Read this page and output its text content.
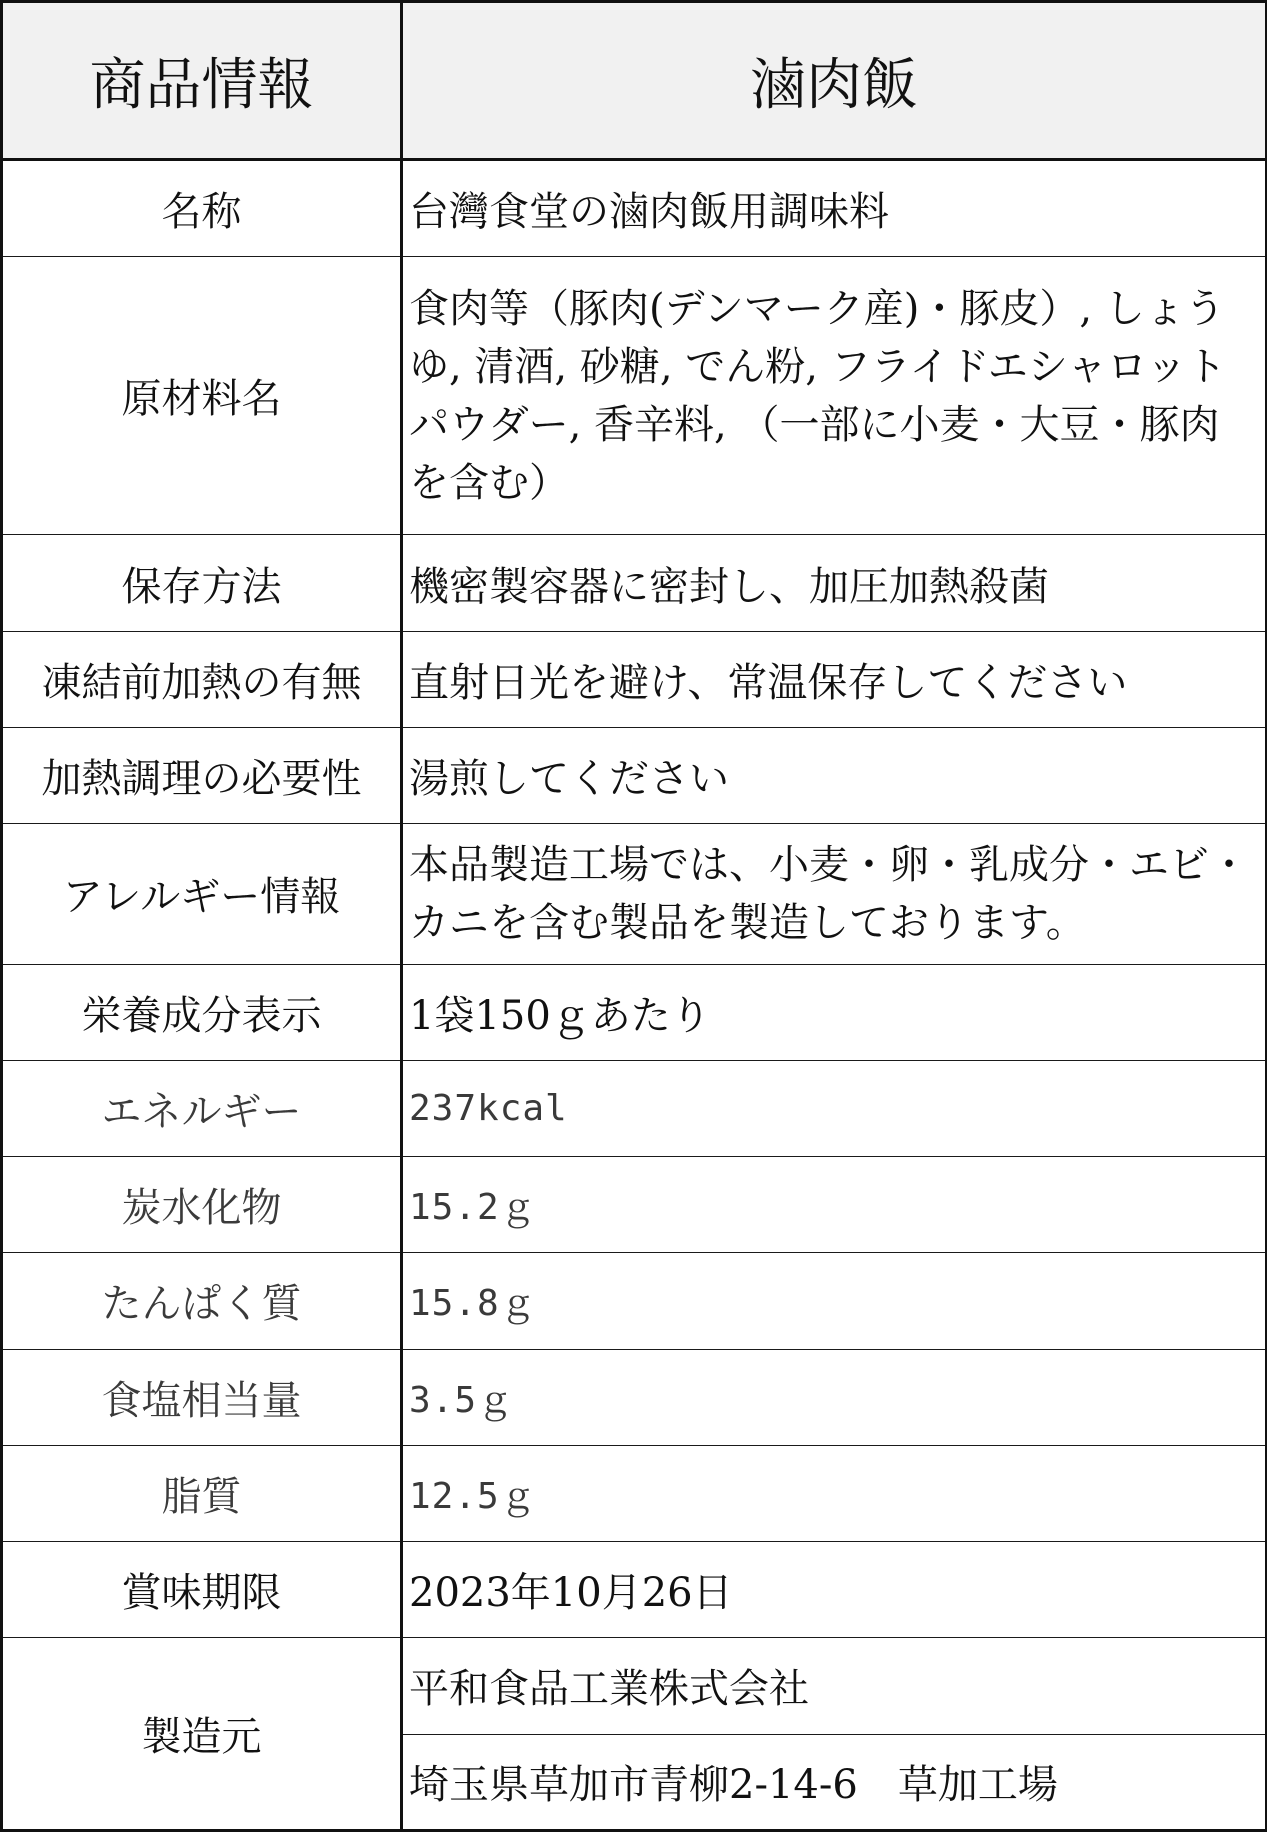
商品情報	滷肉飯
名称	台灣食堂の滷肉飯用調味料
原材料名	食肉等（豚肉(デンマーク産)・豚皮）, しょうゆ, 清酒, 砂糖, でん粉, フライドエシャロットパウダー, 香辛料, （一部に小麦・大豆・豚肉を含む）
保存方法	機密製容器に密封し、加圧加熱殺菌
凍結前加熱の有無	直射日光を避け、常温保存してください
加熱調理の必要性	湯煎してください
アレルギー情報	本品製造工場では、小麦・卵・乳成分・エビ・カニを含む製品を製造しております。
栄養成分表示	1袋150ｇあたり
エネルギー	237kcal
炭水化物	15.2ｇ
たんぱく質	15.8ｇ
食塩相当量	3.5ｇ
脂質	12.5ｇ
賞味期限	2023年10月26日
製造元	平和食品工業株式会社
	埼玉県草加市青柳2-14-6　草加工場
